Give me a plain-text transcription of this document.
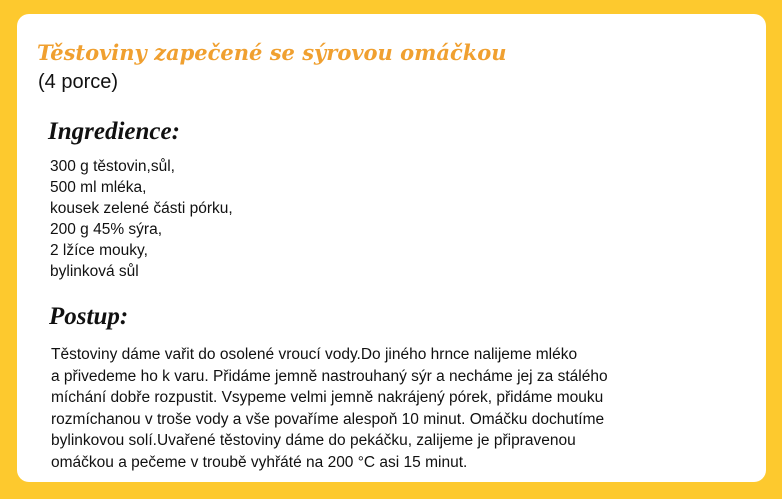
Těstoviny zapečené se sýrovou omáčkou

(4 porce)

Ingredience:
300 g těstovin,sůl,
500 ml mléka,
kousek zelené části pórku,
200 g 45% sýra,
2 lžíce mouky,
bylinková sůl
Postup:

Těstoviny dáme vařit do osolené vroucí vody.Do jiného hrnce nalijeme mléko
a přivedeme ho k varu. Přidáme jemně nastrouhaný sýr a necháme jej za stálého
míchání dobře rozpustit. Vsypeme velmi jemně nakrájený pórek, přidáme mouku
rozmíchanou v troše vody a vše povaříme alespoň 10 minut. Omáčku dochutíme
bylinkovou solí.Uvařené těstoviny dáme do pekáčku, zalijeme je připravenou
omáčkou a pečeme v troubě vyhřáté na 200 °C asi 15 minut.
